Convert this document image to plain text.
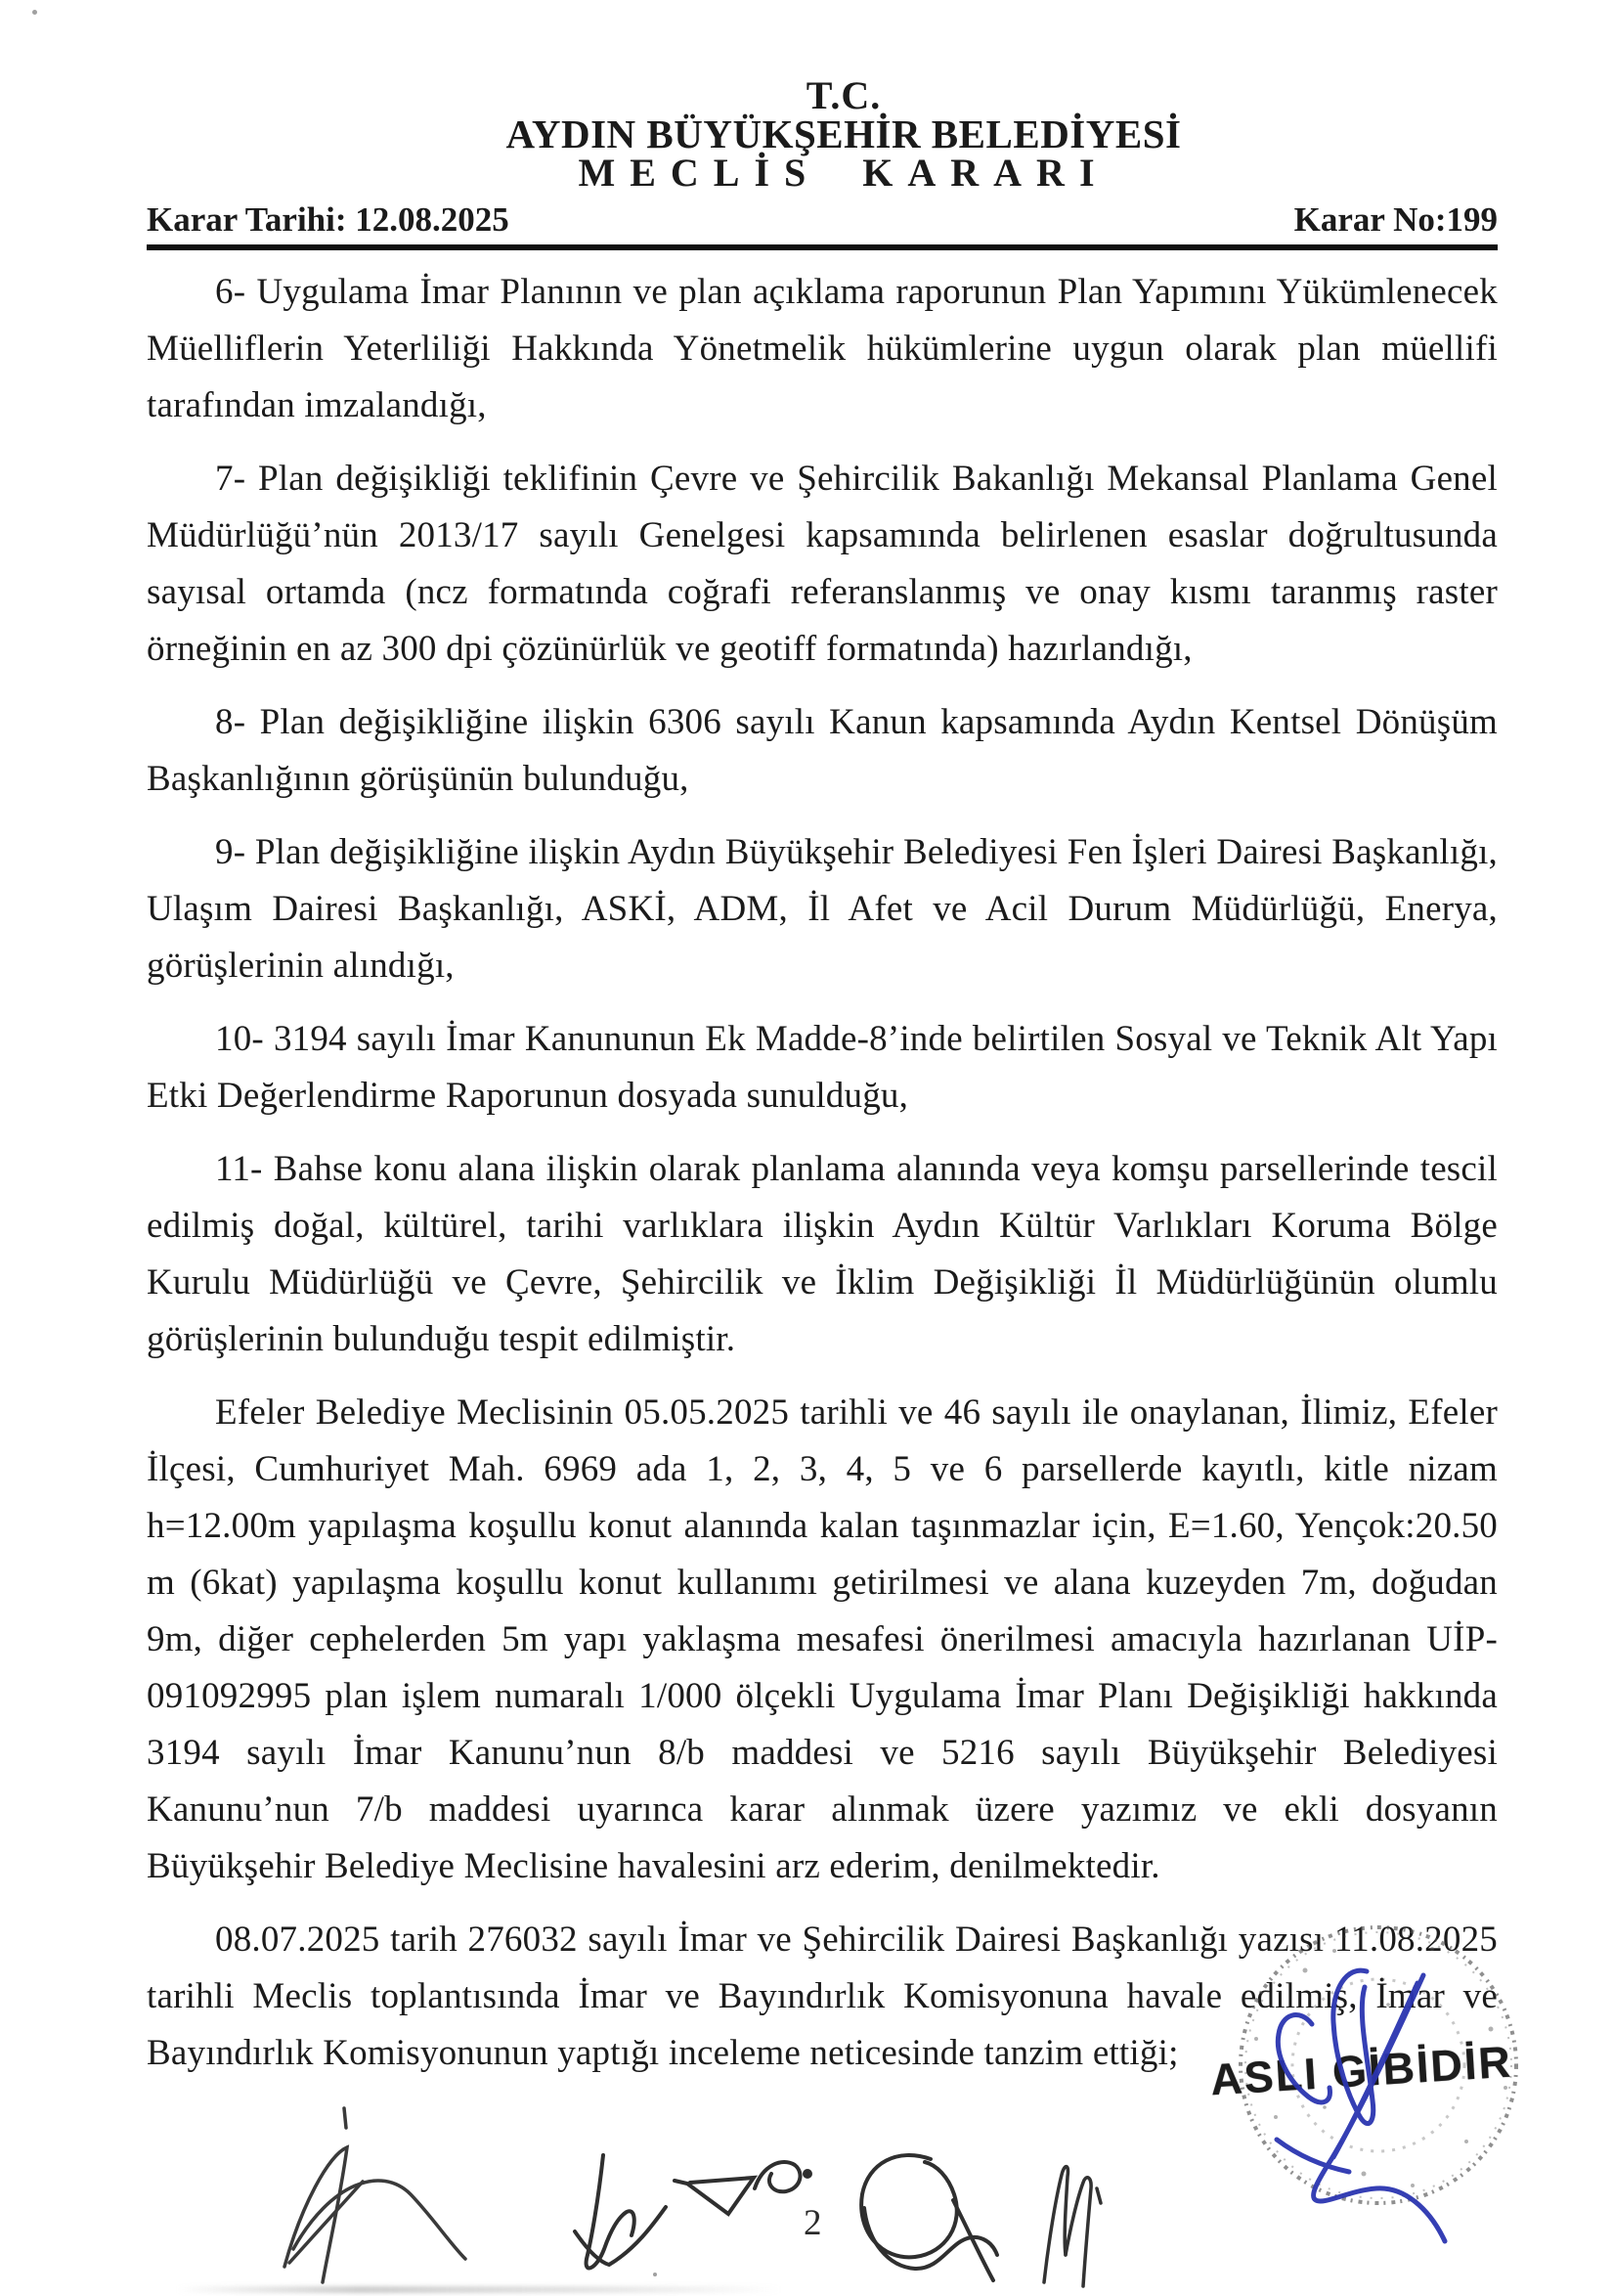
T.C.
AYDIN BÜYÜKŞEHİR BELEDİYESİ
MECLİS KARARI
Karar Tarihi: 12.08.2025	Karar No:199

6- Uygulama İmar Planının ve plan açıklama raporunun Plan Yapımını Yükümlenecek Müelliflerin Yeterliliği Hakkında Yönetmelik hükümlerine uygun olarak plan müellifi tarafından imzalandığı,

7- Plan değişikliği teklifinin Çevre ve Şehircilik Bakanlığı Mekansal Planlama Genel Müdürlüğü’nün 2013/17 sayılı Genelgesi kapsamında belirlenen esaslar doğrultusunda sayısal ortamda (ncz formatında coğrafi referanslanmış ve onay kısmı taranmış raster örneğinin en az 300 dpi çözünürlük ve geotiff formatında) hazırlandığı,

8- Plan değişikliğine ilişkin 6306 sayılı Kanun kapsamında Aydın Kentsel Dönüşüm Başkanlığının görüşünün bulunduğu,

9- Plan değişikliğine ilişkin Aydın Büyükşehir Belediyesi Fen İşleri Dairesi Başkanlığı, Ulaşım Dairesi Başkanlığı, ASKİ, ADM, İl Afet ve Acil Durum Müdürlüğü, Enerya, görüşlerinin alındığı,

10- 3194 sayılı İmar Kanununun Ek Madde-8’inde belirtilen Sosyal ve Teknik Alt Yapı Etki Değerlendirme Raporunun dosyada sunulduğu,

11- Bahse konu alana ilişkin olarak planlama alanında veya komşu parsellerinde tescil edilmiş doğal, kültürel, tarihi varlıklara ilişkin Aydın Kültür Varlıkları Koruma Bölge Kurulu Müdürlüğü ve Çevre, Şehircilik ve İklim Değişikliği İl Müdürlüğünün olumlu görüşlerinin bulunduğu tespit edilmiştir.

Efeler Belediye Meclisinin 05.05.2025 tarihli ve 46 sayılı ile onaylanan, İlimiz, Efeler İlçesi, Cumhuriyet Mah. 6969 ada 1, 2, 3, 4, 5 ve 6 parsellerde kayıtlı, kitle nizam h=12.00m yapılaşma koşullu konut alanında kalan taşınmazlar için, E=1.60, Yençok:20.50 m (6kat) yapılaşma koşullu konut kullanımı getirilmesi ve alana kuzeyden 7m, doğudan 9m, diğer cephelerden 5m yapı yaklaşma mesafesi önerilmesi amacıyla hazırlanan UİP-091092995 plan işlem numaralı 1/000 ölçekli Uygulama İmar Planı Değişikliği hakkında 3194 sayılı İmar Kanunu’nun 8/b maddesi ve 5216 sayılı Büyükşehir Belediyesi Kanunu’nun 7/b maddesi uyarınca karar alınmak üzere yazımız ve ekli dosyanın Büyükşehir Belediye Meclisine havalesini arz ederim, denilmektedir.

08.07.2025 tarih 276032 sayılı İmar ve Şehircilik Dairesi Başkanlığı yazısı 11.08.2025 tarihli Meclis toplantısında İmar ve Bayındırlık Komisyonuna havale edilmiş, İmar ve Bayındırlık Komisyonunun yaptığı inceleme neticesinde tanzim ettiği; ASLI GİBİDİR
2
